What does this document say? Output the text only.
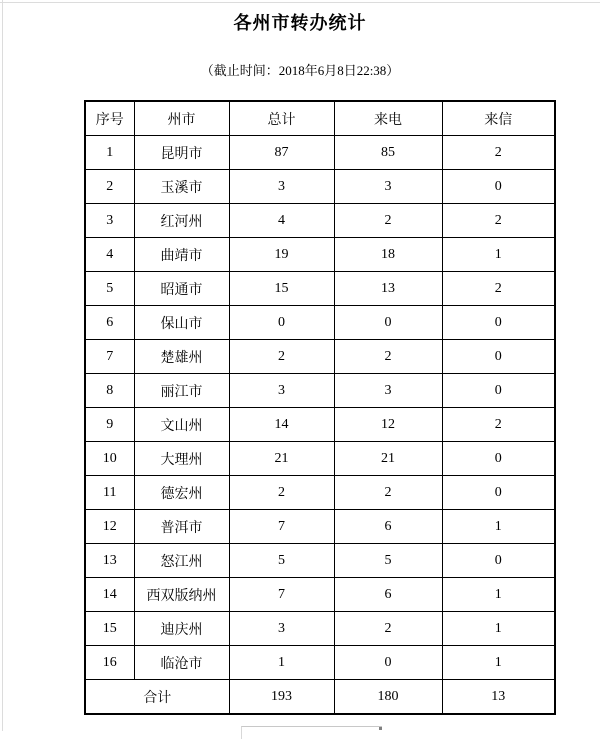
各州市转办统计
（截止时间：2018年6月8日22:38）
序号	州市	总计	来电	来信
1	昆明市	87	85	2
2	玉溪市	3	3	0
3	红河州	4	2	2
4	曲靖市	19	18	1
5	昭通市	15	13	2
6	保山市	0	0	0
7	楚雄州	2	2	0
8	丽江市	3	3	0
9	文山州	14	12	2
10	大理州	21	21	0
11	德宏州	2	2	0
12	普洱市	7	6	1
13	怒江州	5	5	0
14	西双版纳州	7	6	1
15	迪庆州	3	2	1
16	临沧市	1	0	1
合计		193	180	13
